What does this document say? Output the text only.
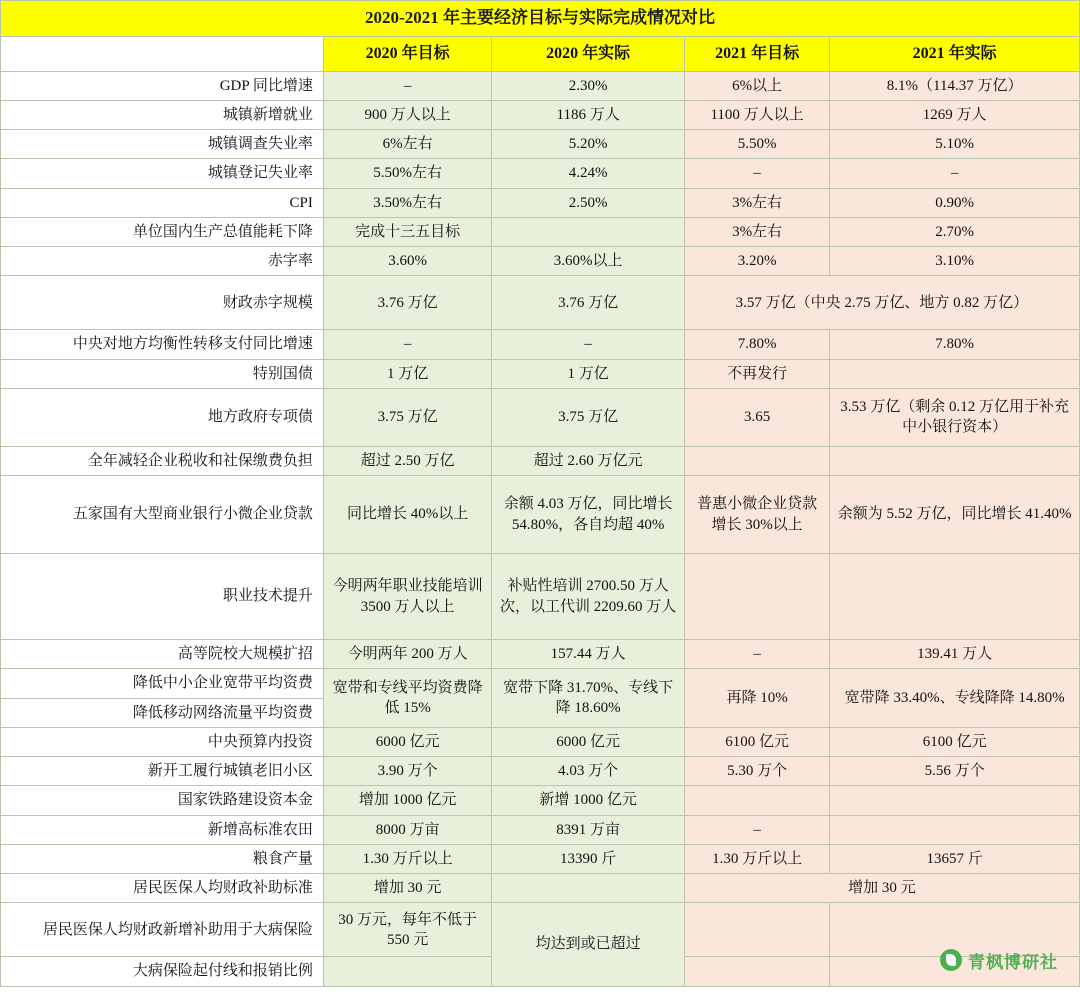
2020-2021 年主要经济目标与实际完成情况对比				
	2020 年目标	2020 年实际	2021 年目标	2021 年实际
GDP 同比增速	–	2.30%	6%以上	8.1%（114.37 万亿）
城镇新增就业	900 万人以上	1186 万人	1100 万人以上	1269 万人
城镇调查失业率	6%左右	5.20%	5.50%	5.10%
城镇登记失业率	5.50%左右	4.24%	–	–
CPI	3.50%左右	2.50%	3%左右	0.90%
单位国内生产总值能耗下降	完成十三五目标		3%左右	2.70%
赤字率	3.60%	3.60%以上	3.20%	3.10%
财政赤字规模	3.76 万亿	3.76 万亿	3.57 万亿（中央 2.75 万亿、地方 0.82 万亿）	
中央对地方均衡性转移支付同比增速	–	–	7.80%	7.80%
特别国债	1 万亿	1 万亿	不再发行	
地方政府专项债	3.75 万亿	3.75 万亿	3.65	3.53 万亿（剩余 0.12 万亿用于补充中小银行资本）
全年减轻企业税收和社保缴费负担	超过 2.50 万亿	超过 2.60 万亿元		
五家国有大型商业银行小微企业贷款	同比增长 40%以上	余额 4.03 万亿，同比增长 54.80%，各自均超 40%	普惠小微企业贷款增长 30%以上	余额为 5.52 万亿，同比增长 41.40%
职业技术提升	今明两年职业技能培训 3500 万人以上	补贴性培训 2700.50 万人次，以工代训 2209.60 万人		
高等院校大规模扩招	今明两年 200 万人	157.44 万人	–	139.41 万人
降低中小企业宽带平均资费	宽带和专线平均资费降低 15%	宽带下降 31.70%、专线下降 18.60%	再降 10%	宽带降 33.40%、专线降降 14.80%
降低移动网络流量平均资费				
中央预算内投资	6000 亿元	6000 亿元	6100 亿元	6100 亿元
新开工履行城镇老旧小区	3.90 万个	4.03 万个	5.30 万个	5.56 万个
国家铁路建设资本金	增加 1000 亿元	新增 1000 亿元		
新增高标准农田	8000 万亩	8391 万亩	–	
粮食产量	1.30 万斤以上	13390 斤	1.30 万斤以上	13657 斤
居民医保人均财政补助标准	增加 30 元		增加 30 元	
居民医保人均财政新增补助用于大病保险	30 万元，每年不低于 550 元	均达到或已超过		
大病保险起付线和报销比例					青枫博研社
